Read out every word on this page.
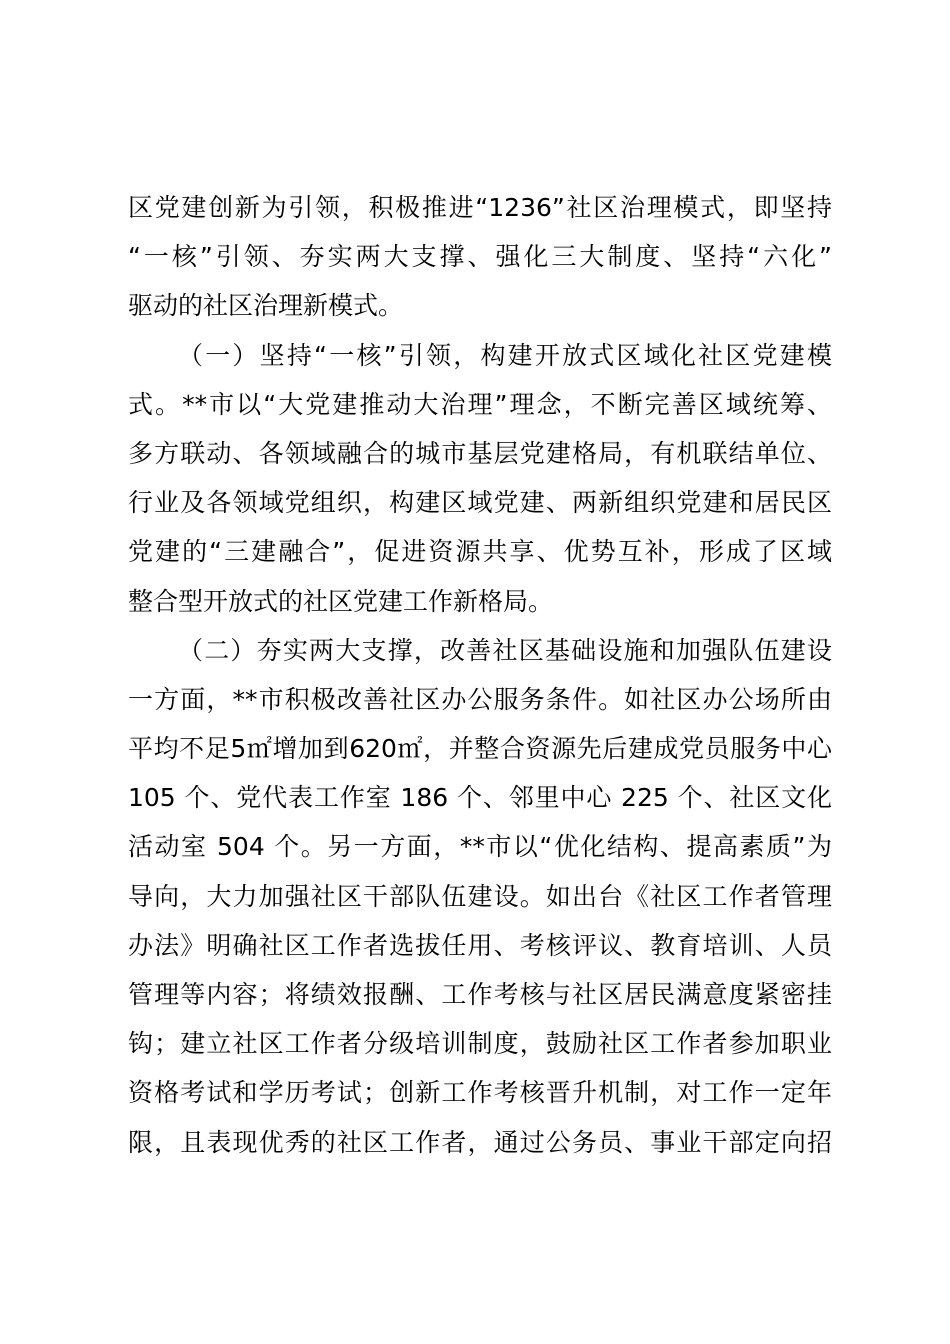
区党建创新为引领，积极推进“1236”社区治理模式，即坚持
“一核”引领、夯实两大支撑、强化三大制度、坚持“六化”
驱动的社区治理新模式。
（一）坚持“一核”引领，构建开放式区域化社区党建模
式。**市以“大党建推动大治理”理念，不断完善区域统筹、
多方联动、各领域融合的城市基层党建格局，有机联结单位、
行业及各领域党组织，构建区域党建、两新组织党建和居民区
党建的“三建融合”，促进资源共享、优势互补，形成了区域
整合型开放式的社区党建工作新格局。
（二）夯实两大支撑，改善社区基础设施和加强队伍建设
一方面，**市积极改善社区办公服务条件。如社区办公场所由
平均不足5㎡增加到620㎡，并整合资源先后建成党员服务中心
105 个、党代表工作室 186 个、邻里中心 225 个、社区文化
活动室 504 个。另一方面，**市以“优化结构、提高素质”为
导向，大力加强社区干部队伍建设。如出台《社区工作者管理
办法》明确社区工作者选拔任用、考核评议、教育培训、人员
管理等内容；将绩效报酬、工作考核与社区居民满意度紧密挂
钩；建立社区工作者分级培训制度，鼓励社区工作者参加职业
资格考试和学历考试；创新工作考核晋升机制，对工作一定年
限，且表现优秀的社区工作者，通过公务员、事业干部定向招
